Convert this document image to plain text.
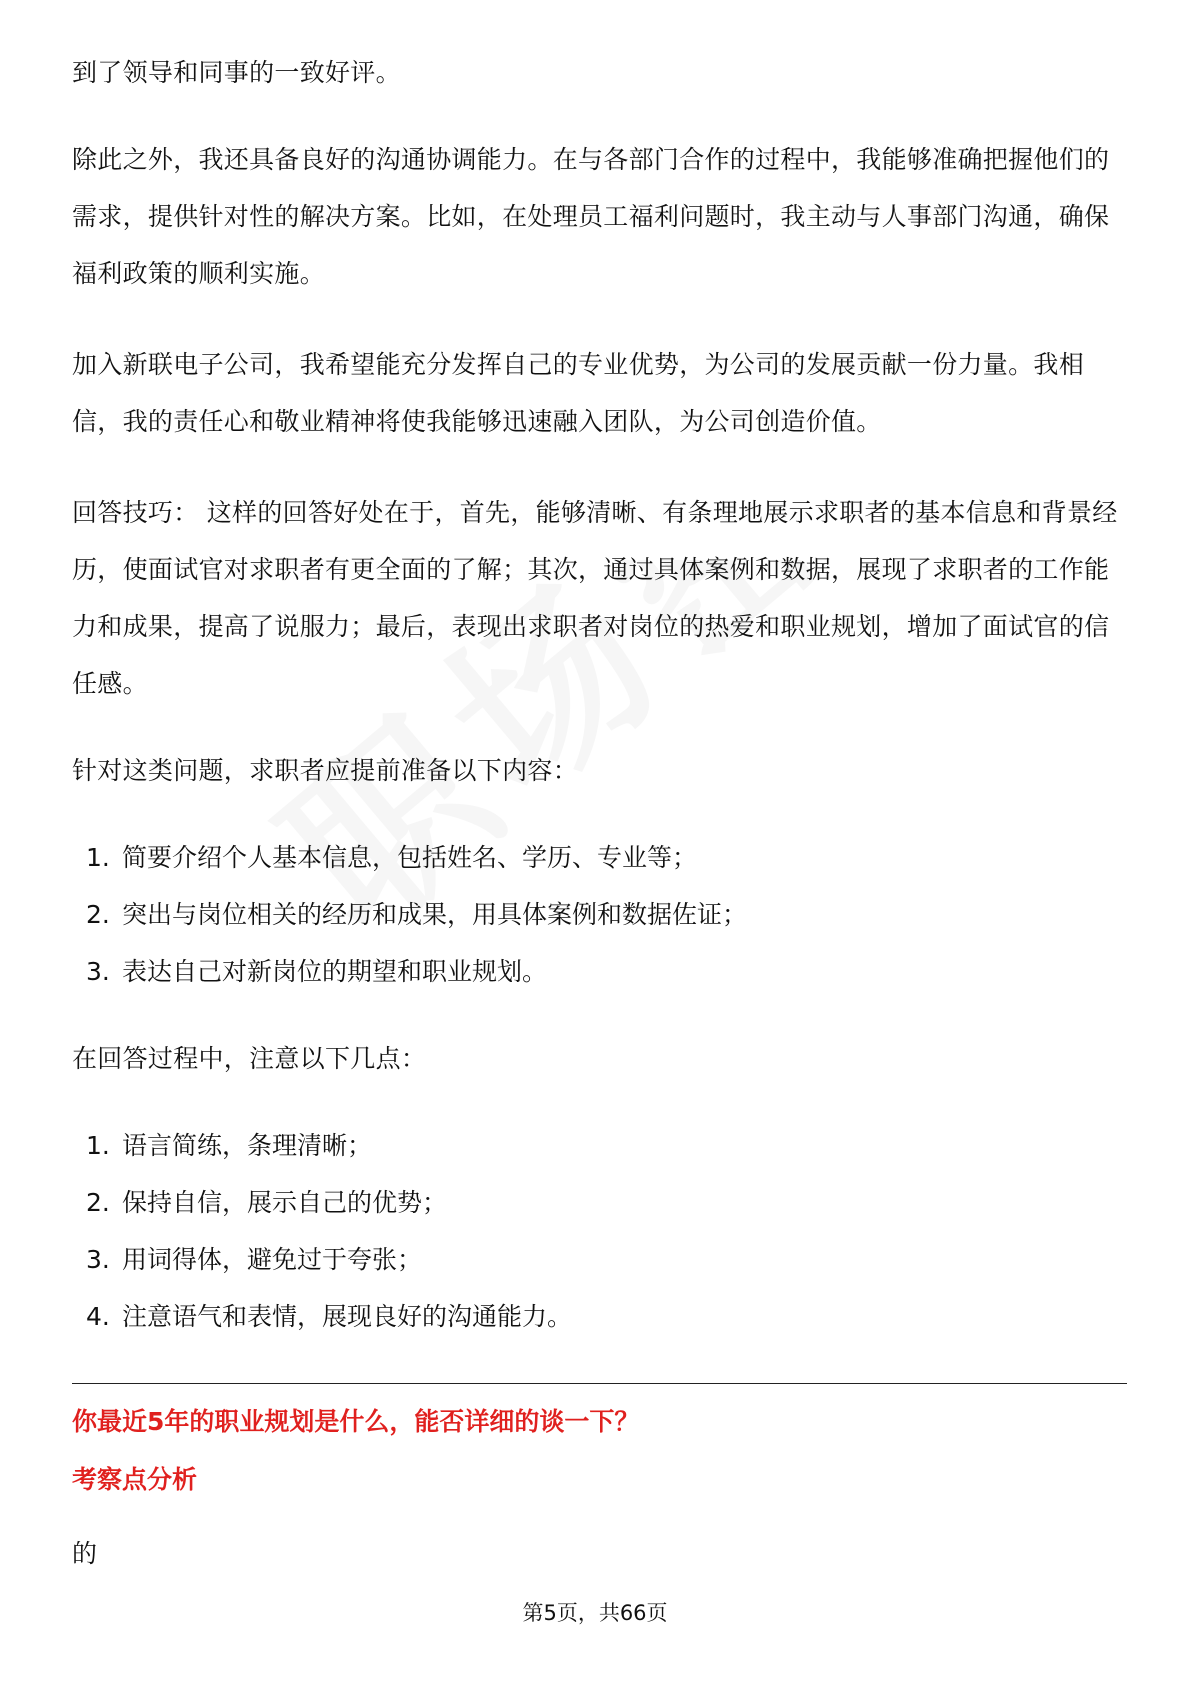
到了领导和同事的一致好评。

除此之外，我还具备良好的沟通协调能力。在与各部门合作的过程中，我能够准确把握他们的需求，提供针对性的解决方案。比如，在处理员工福利问题时，我主动与人事部门沟通，确保福利政策的顺利实施。

加入新联电子公司，我希望能充分发挥自己的专业优势，为公司的发展贡献一份力量。我相信，我的责任心和敬业精神将使我能够迅速融入团队，为公司创造价值。

回答技巧： 这样的回答好处在于，首先，能够清晰、有条理地展示求职者的基本信息和背景经历，使面试官对求职者有更全面的了解；其次，通过具体案例和数据，展现了求职者的工作能力和成果，提高了说服力；最后，表现出求职者对岗位的热爱和职业规划，增加了面试官的信任感。

针对这类问题，求职者应提前准备以下内容：

1. 简要介绍个人基本信息，包括姓名、学历、专业等；
2. 突出与岗位相关的经历和成果，用具体案例和数据佐证；
3. 表达自己对新岗位的期望和职业规划。

在回答过程中，注意以下几点：

1. 语言简练，条理清晰；
2. 保持自信，展示自己的优势；
3. 用词得体，避免过于夸张；
4. 注意语气和表情，展现良好的沟通能力。

你最近5年的职业规划是什么，能否详细的谈一下？

考察点分析

的

第5页，共66页
